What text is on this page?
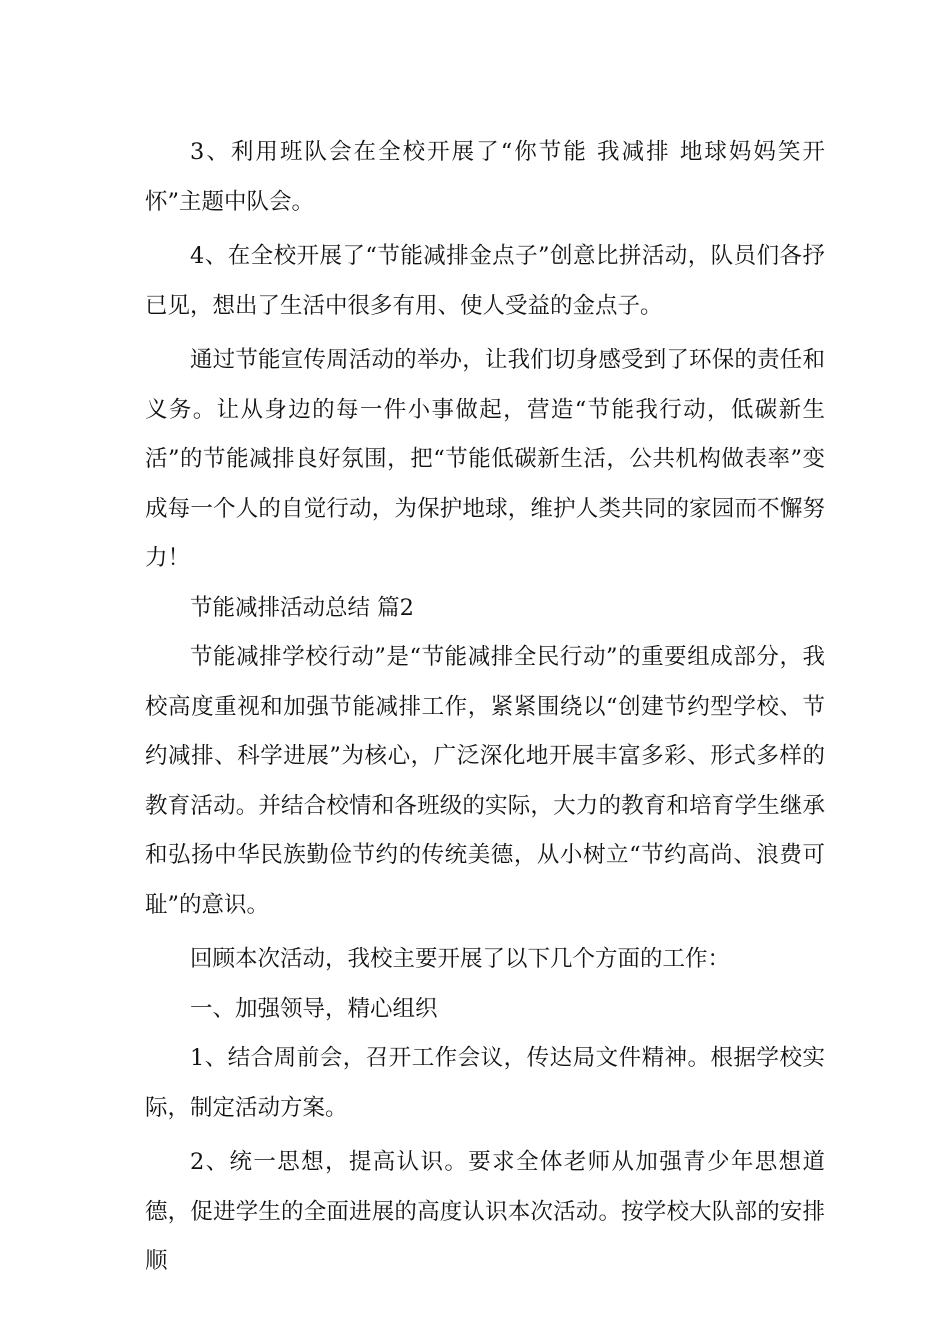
3、利用班队会在全校开展了“你节能 我减排 地球妈妈笑开怀”主题中队会。

4、在全校开展了“节能减排金点子”创意比拼活动，队员们各抒已见，想出了生活中很多有用、使人受益的金点子。

通过节能宣传周活动的举办，让我们切身感受到了环保的责任和义务。让从身边的每一件小事做起，营造“节能我行动，低碳新生活”的节能减排良好氛围，把“节能低碳新生活，公共机构做表率”变成每一个人的自觉行动，为保护地球，维护人类共同的家园而不懈努力！

节能减排活动总结 篇2

节能减排学校行动”是“节能减排全民行动”的重要组成部分，我校高度重视和加强节能减排工作，紧紧围绕以“创建节约型学校、节约减排、科学进展”为核心，广泛深化地开展丰富多彩、形式多样的教育活动。并结合校情和各班级的实际，大力的教育和培育学生继承和弘扬中华民族勤俭节约的传统美德，从小树立“节约高尚、浪费可耻”的意识。

回顾本次活动，我校主要开展了以下几个方面的工作：

一、加强领导，精心组织

1、结合周前会，召开工作会议，传达局文件精神。根据学校实际，制定活动方案。

2、统一思想，提高认识。要求全体老师从加强青少年思想道德，促进学生的全面进展的高度认识本次活动。按学校大队部的安排顺
